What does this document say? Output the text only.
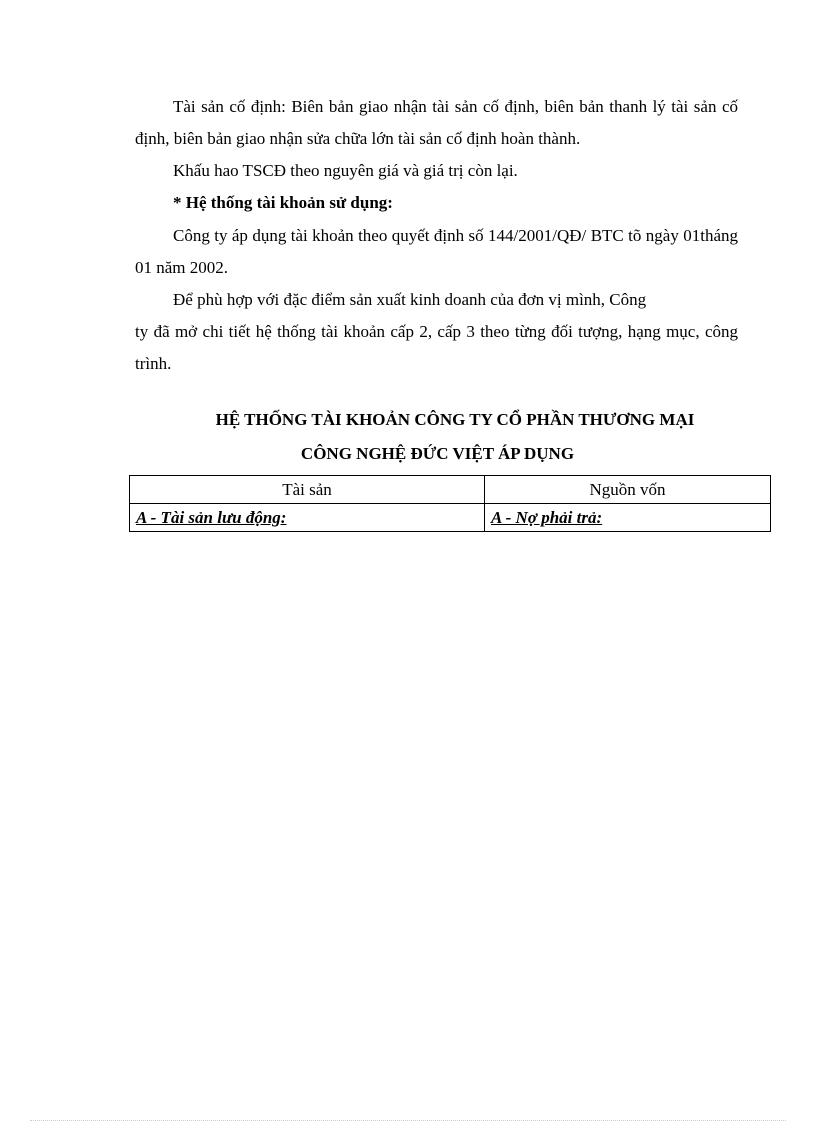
Tài sản cố định: Biên bản giao nhận tài sản cố định, biên bản thanh lý tài sản cố định, biên bản giao nhận sửa chữa lớn tài sản cố định hoàn thành.

Khấu hao TSCĐ theo nguyên giá và giá trị còn lại.

* Hệ thống tài khoản sử dụng:

Công ty áp dụng tài khoản theo quyết định số 144/2001/QĐ/ BTC tõ ngày 01tháng 01 năm 2002.

Để phù hợp với đặc điểm sản xuất kinh doanh của đơn vị mình, Công

ty đã mở chi tiết hệ thống tài khoản cấp 2, cấp 3 theo từng đối tượng, hạng mục, công trình.

HỆ THỐNG TÀI KHOẢN CÔNG TY CỔ PHẦN THƯƠNG MẠI

CÔNG NGHỆ ĐỨC VIỆT ÁP DỤNG

Tài sản	Nguồn vốn
A - Tài sản lưu động:	A - Nợ phải trả:
